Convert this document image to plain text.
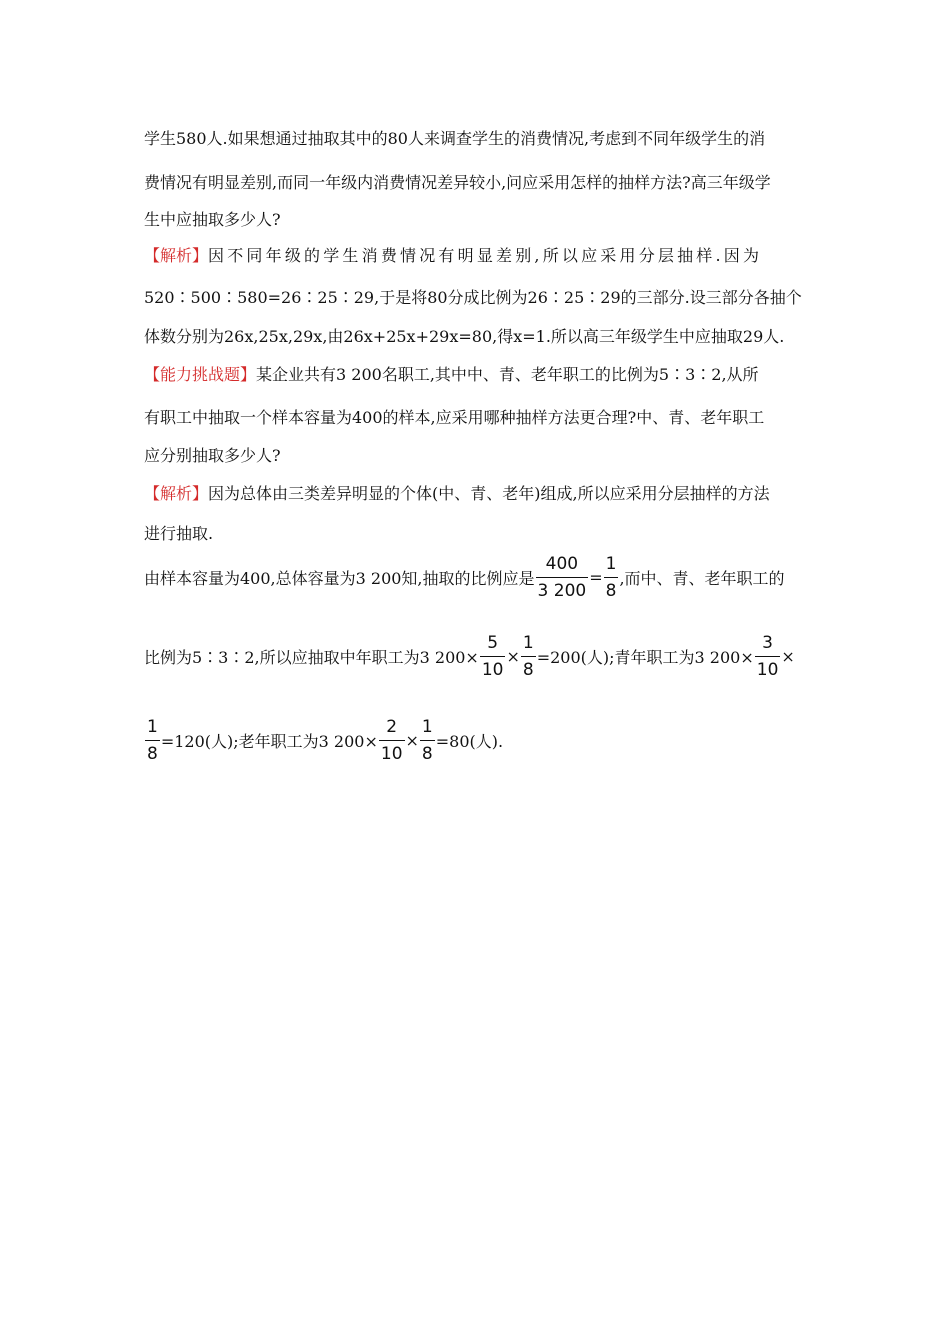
学生580人.如果想通过抽取其中的80人来调查学生的消费情况,考虑到不同年级学生的消
费情况有明显差别,而同一年级内消费情况差异较小,问应采用怎样的抽样方法?高三年级学
生中应抽取多少人?
【解析】因不同年级的学生消费情况有明显差别,所以应采用分层抽样.因为
520∶500∶580=26∶25∶29,于是将80分成比例为26∶25∶29的三部分.设三部分各抽个
体数分别为26x,25x,29x,由26x+25x+29x=80,得x=1.所以高三年级学生中应抽取29人.
【能力挑战题】某企业共有3 200名职工,其中中、青、老年职工的比例为5∶3∶2,从所
有职工中抽取一个样本容量为400的样本,应采用哪种抽样方法更合理?中、青、老年职工
应分别抽取多少人?
【解析】因为总体由三类差异明显的个体(中、青、老年)组成,所以应采用分层抽样的方法
进行抽取.
由样本容量为400,总体容量为3 200知,抽取的比例应是 $\frac{400}{3 200} = \frac{1}{8}$ ,而中、青、老年职工的
比例为5∶3∶2,所以应抽取中年职工为3 $200\times \frac{5}{10} \times \frac{1}{8} =200$(人);青年职工为3 $200\times \frac{3}{10}$ ×
$\frac{1}{8} =120$(人);老年职工为3 $200\times \frac{2}{10} \times \frac{1}{8} =80$(人).
